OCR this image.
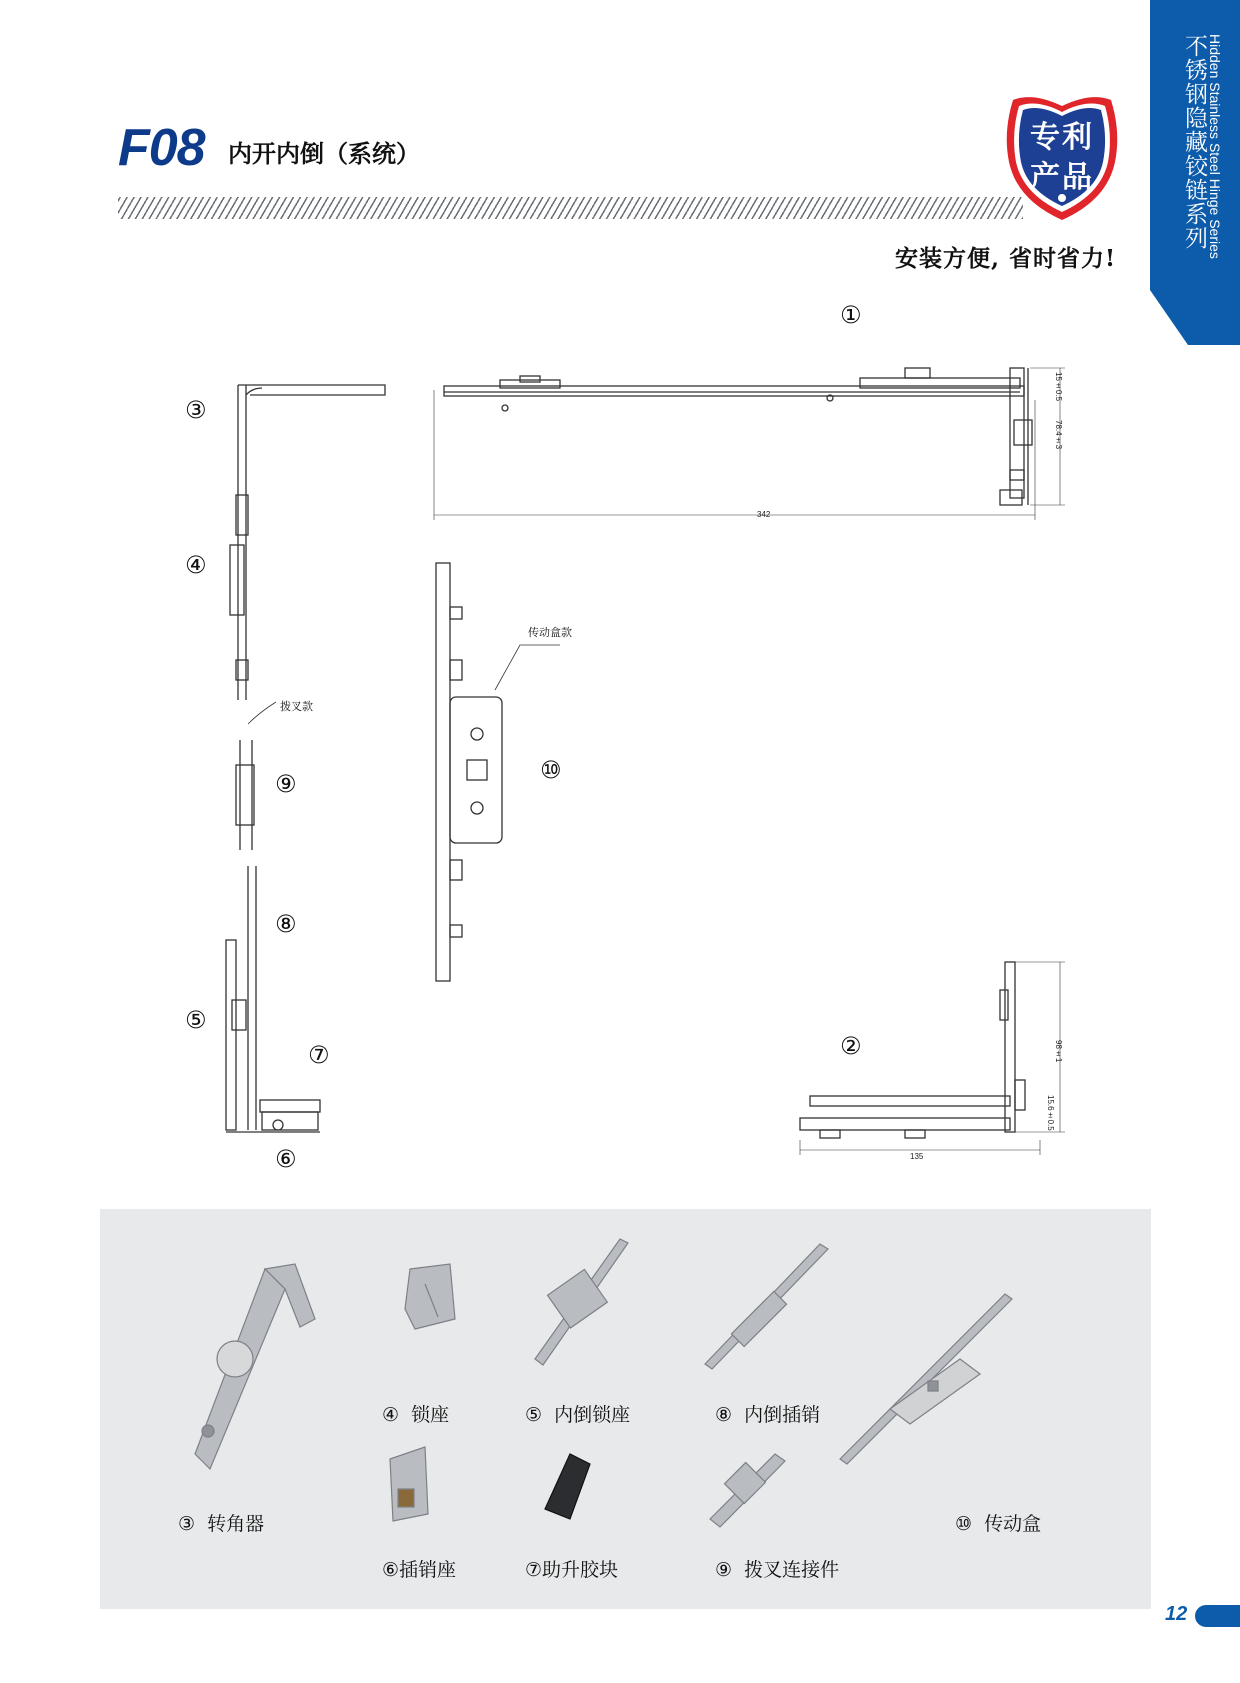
不锈钢隐藏铰链系列 Hidden Stainless Steel Hinge Series
F08 内开内倒（系统）	专利
产品
安装方便, 省时省力!
①
③
④
拨叉款
⑨
传动盒款
⑩
⑧
⑤
⑦
⑥
②
342
15±0.5
78.4±3
135
98±1
15.6±0.5
③ 转角器
④ 锁座	⑤ 内倒锁座	⑧ 内倒插销
⑥插销座	⑦助升胶块	⑨ 拨叉连接件
⑩ 传动盒
12
